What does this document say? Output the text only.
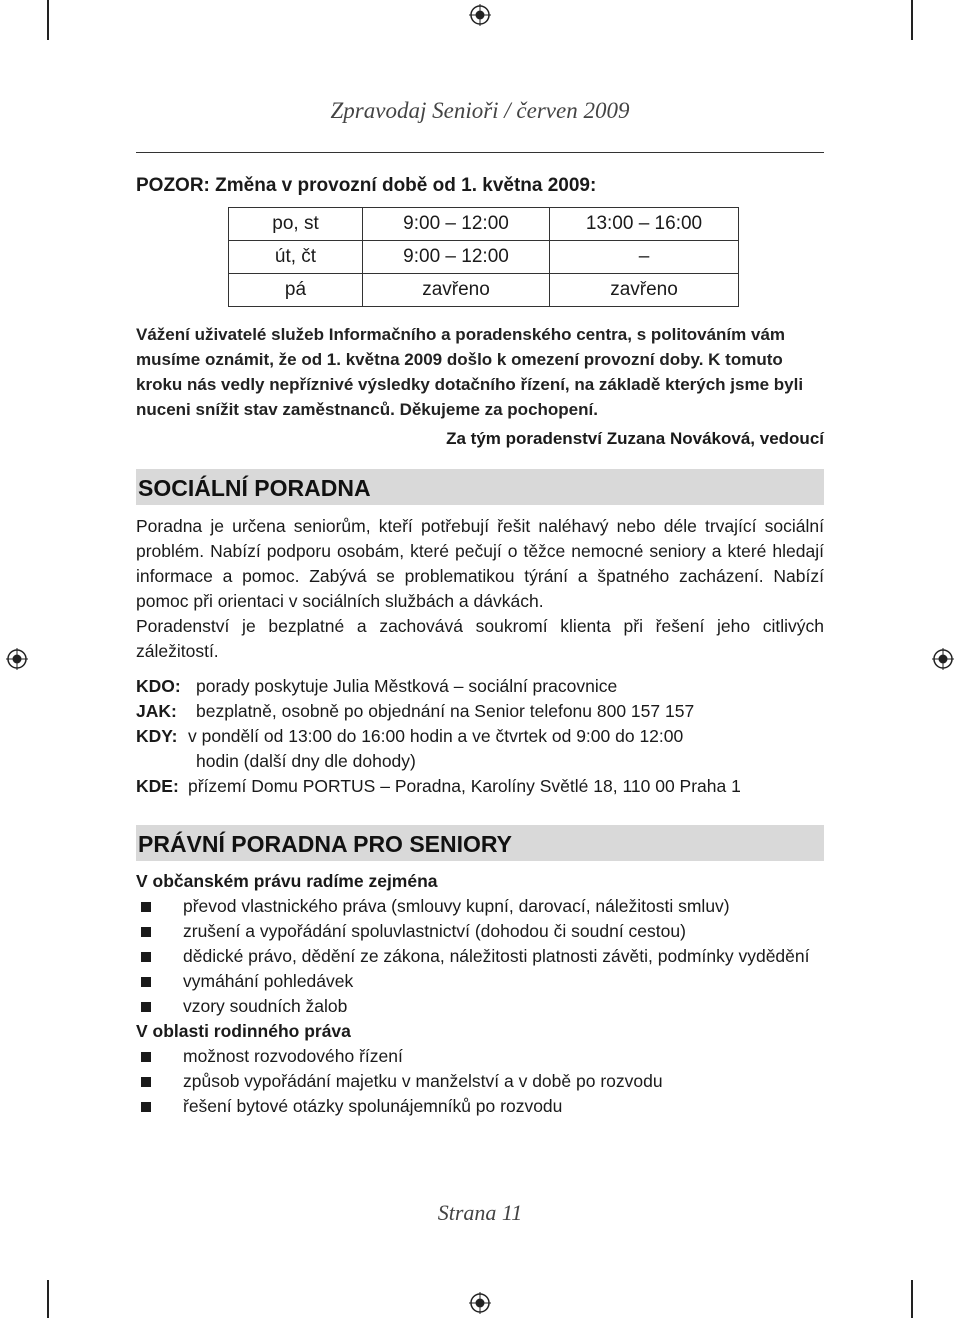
Zpravodaj Senioři / červen 2009
POZOR: Změna v provozní době od 1. května 2009:
po, st	9:00 – 12:00	13:00 – 16:00
út, čt	9:00 – 12:00	–
pá	zavřeno	zavřeno
Vážení uživatelé služeb Informačního a poradenského centra, s politováním vám musíme oznámit, že od 1. května 2009 došlo k omezení provozní doby. K tomuto kroku nás vedly nepříznivé výsledky dotačního řízení, na základě kterých jsme byli nuceni snížit stav zaměstnanců. Děkujeme za pochopení.
Za tým poradenství Zuzana Nováková, vedoucí
SOCIÁLNÍ PORADNA

Poradna je určena seniorům, kteří potřebují řešit naléhavý nebo déle trvající sociální problém. Nabízí podporu osobám, které pečují o těžce nemocné seniory a které hledají informace a pomoc. Zabývá se problematikou týrání a špatného zacházení. Nabízí pomoc při orientaci v sociálních službách a dávkách.

Poradenství je bezplatné a zachovává soukromí klienta při řešení jeho citlivých záležitostí.

KDO: porady poskytuje Julia Městková – sociální pracovnice
JAK:	bezplatně, osobně po objednání na Senior telefonu 800 157 157
KDY: v pondělí od 13:00 do 16:00 hodin a ve čtvrtek od 9:00 do 12:00
hodin (další dny dle dohody)
KDE: přízemí Domu PORTUS – Poradna, Karolíny Světlé 18, 110 00 Praha 1
PRÁVNÍ PORADNA PRO SENIORY
V občanském právu radíme zejména
převod vlastnického práva (smlouvy kupní, darovací, náležitosti smluv)
zrušení a vypořádání spoluvlastnictví (dohodou či soudní cestou)
dědické právo, dědění ze zákona, náležitosti platnosti závěti, podmínky vydědění
vymáhání pohledávek
vzory soudních žalob
V oblasti rodinného práva
možnost rozvodového řízení
způsob vypořádání majetku v manželství a v době po rozvodu
řešení bytové otázky spolunájemníků po rozvodu
Strana 11
